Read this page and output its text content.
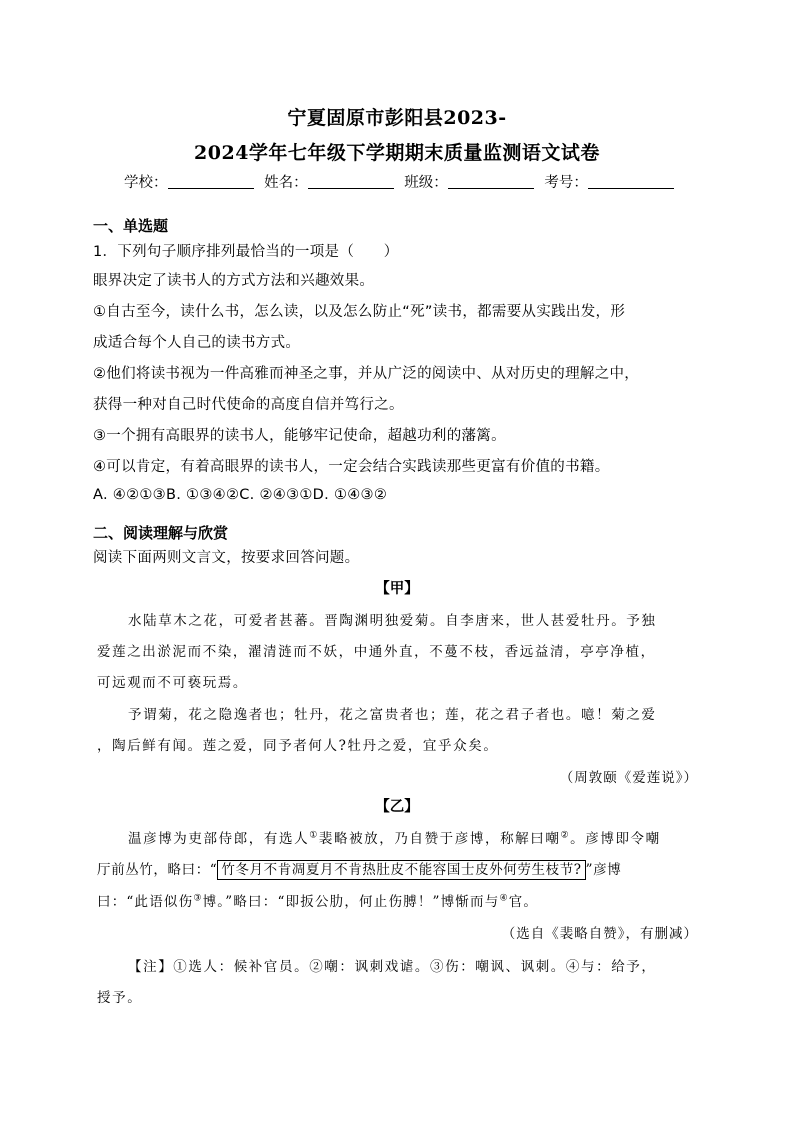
宁夏固原市彭阳县2023-
2024学年七年级下学期期末质量监测语文试卷
学校：	姓名：	班级：	考号：
一、单选题
1．下列句子顺序排列最恰当的一项是（　　）
眼界决定了读书人的方式方法和兴趣效果。
①自古至今，读什么书，怎么读，以及怎么防止“死”读书，都需要从实践出发，形
成适合每个人自己的读书方式。
②他们将读书视为一件高雅而神圣之事，并从广泛的阅读中、从对历史的理解之中，
获得一种对自己时代使命的高度自信并笃行之。
③一个拥有高眼界的读书人，能够牢记使命，超越功利的藩篱。
④可以肯定，有着高眼界的读书人，一定会结合实践读那些更富有价值的书籍。
A. ④②①③B. ①③④②C. ②④③①D. ①④③②
二、阅读理解与欣赏
阅读下面两则文言文，按要求回答问题。
【甲】
水陆草木之花，可爱者甚蕃。晋陶渊明独爱菊。自李唐来，世人甚爱牡丹。予独
爱莲之出淤泥而不染，濯清涟而不妖，中通外直，不蔓不枝，香远益清，亭亭净植，
可远观而不可亵玩焉。
予谓菊，花之隐逸者也；牡丹，花之富贵者也；莲，花之君子者也。噫！菊之爱
，陶后鲜有闻。莲之爱，同予者何人?牡丹之爱，宜乎众矣。
（周敦颐《爱莲说》）
【乙】
温彦博为吏部侍郎，有选人①裴略被放，乃自赞于彦博，称解曰嘲②。彦博即令嘲
厅前丛竹，略曰：“ 竹冬月不肯凋夏月不肯热肚皮不能容国士皮外何劳生枝节? ”彦博
曰：“此语似伤③博。”略曰：“即扳公肋，何止伤膊！”博惭而与④官。
（选自《裴略自赞》，有删减）
【注】①选人：候补官员。②嘲：讽刺戏谑。③伤：嘲讽、讽刺。④与：给予，
授予。
